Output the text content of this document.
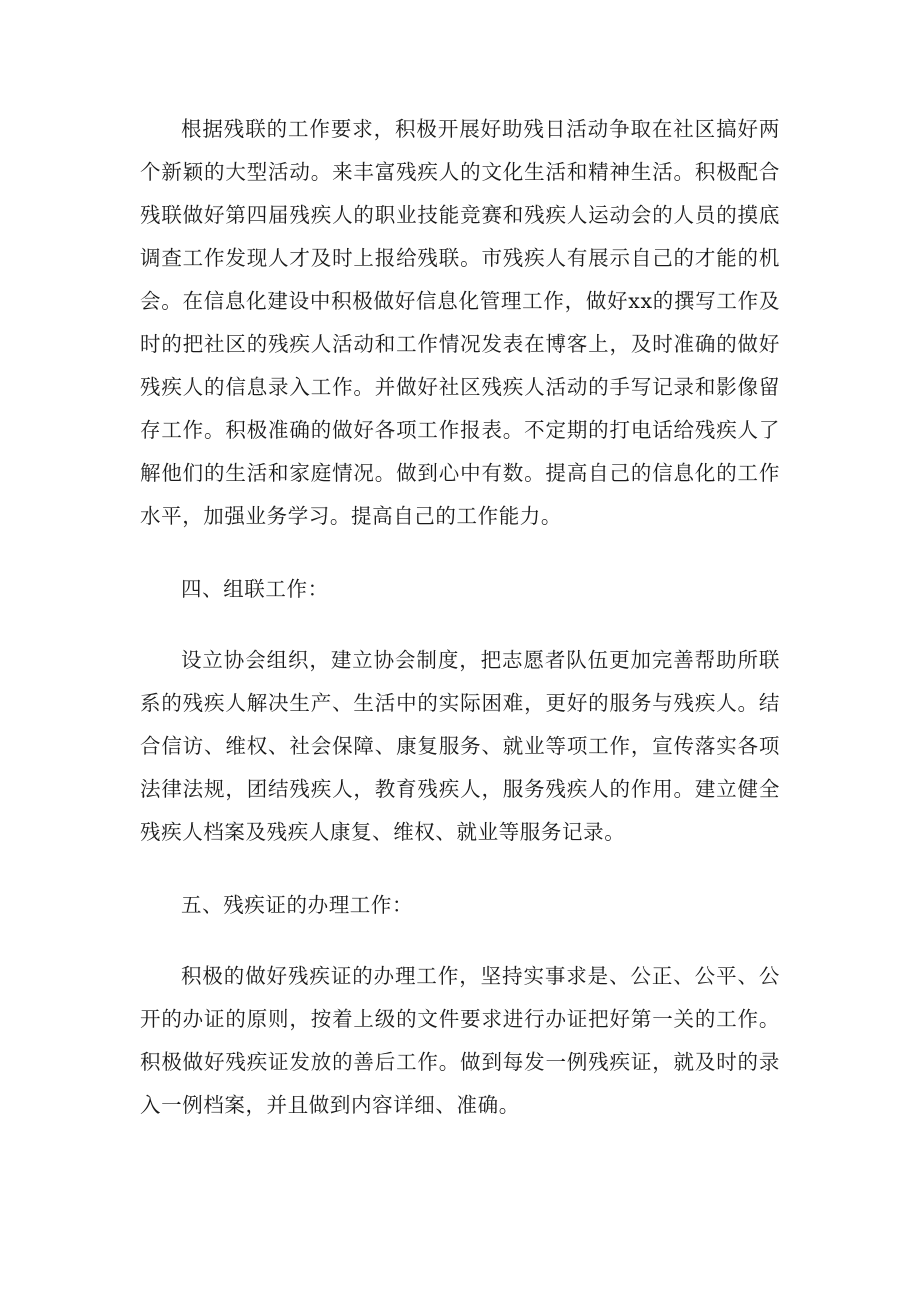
根据残联的工作要求，积极开展好助残日活动争取在社区搞好两个新颖的大型活动。来丰富残疾人的文化生活和精神生活。积极配合残联做好第四届残疾人的职业技能竞赛和残疾人运动会的人员的摸底调查工作发现人才及时上报给残联。市残疾人有展示自己的才能的机会。在信息化建设中积极做好信息化管理工作，做好xx的撰写工作及时的把社区的残疾人活动和工作情况发表在博客上，及时准确的做好残疾人的信息录入工作。并做好社区残疾人活动的手写记录和影像留存工作。积极准确的做好各项工作报表。不定期的打电话给残疾人了解他们的生活和家庭情况。做到心中有数。提高自己的信息化的工作水平，加强业务学习。提高自己的工作能力。

四、组联工作：

设立协会组织，建立协会制度，把志愿者队伍更加完善帮助所联系的残疾人解决生产、生活中的实际困难，更好的服务与残疾人。结合信访、维权、社会保障、康复服务、就业等项工作，宣传落实各项法律法规，团结残疾人，教育残疾人，服务残疾人的作用。建立健全残疾人档案及残疾人康复、维权、就业等服务记录。

五、残疾证的办理工作：

积极的做好残疾证的办理工作，坚持实事求是、公正、公平、公开的办证的原则，按着上级的文件要求进行办证把好第一关的工作。积极做好残疾证发放的善后工作。做到每发一例残疾证，就及时的录入一例档案，并且做到内容详细、准确。
